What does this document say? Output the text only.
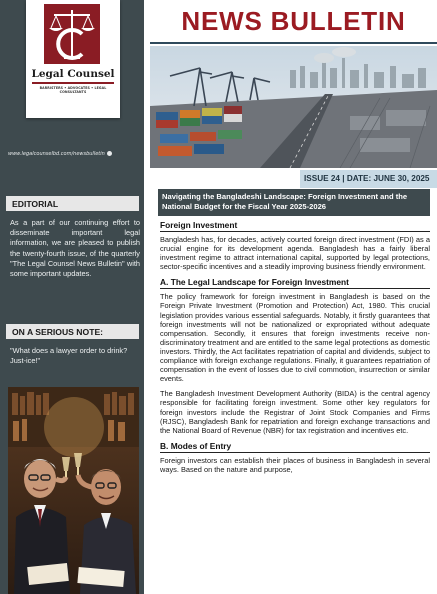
Legal Counsel
BARRISTERS • ADVOCATES • LEGAL CONSULTANTS
www.legalcounselbd.com/newsbulletin
EDITORIAL
As a part of our continuing effort to disseminate important legal information, we are pleased to publish the twenty-fourth issue, of the quarterly "The Legal Counsel News Bulletin" with some important updates.
ON A SERIOUS NOTE:
"What does a lawyer order to drink? Just-ice!"
NEWS BULLETIN
ISSUE 24 | DATE: JUNE 30, 2025
Navigating the Bangladeshi Landscape: Foreign Investment and the National Budget for the Fiscal Year 2025-2026
Foreign Investment

Bangladesh has, for decades, actively courted foreign direct investment (FDI) as a crucial engine for its development agenda. Bangladesh has a fairly liberal investment regime to attract international capital, supported by legal protections, sector-specific incentives and a steadily improving business friendly environment.

A. The Legal Landscape for Foreign Investment

The policy framework for foreign investment in Bangladesh is based on the Foreign Private Investment (Promotion and Protection) Act, 1980. This crucial legislation provides various essential safeguards. Notably, it firstly guarantees that foreign investments will not be nationalized or expropriated without adequate compensation. Secondly, it ensures that foreign investments receive non-discriminatory treatment and are entitled to the same legal protections as domestic investors. Thirdly, the Act facilitates repatriation of capital and dividends, subject to compliance with foreign exchange regulations. Finally, it guarantees repatriation of compensation in the event of losses due to civil commotion, insurrection or similar events.

The Bangladesh Investment Development Authority (BIDA) is the central agency responsible for facilitating foreign investment. Some other key regulators for foreign investors include the Registrar of Joint Stock Companies and Firms (RJSC), Bangladesh Bank for repatriation and foreign exchange transactions and the National Board of Revenue (NBR) for tax registration and incentives etc.

B. Modes of Entry

Foreign investors can establish their places of business in Bangladesh in several ways. Based on the nature and purpose,
